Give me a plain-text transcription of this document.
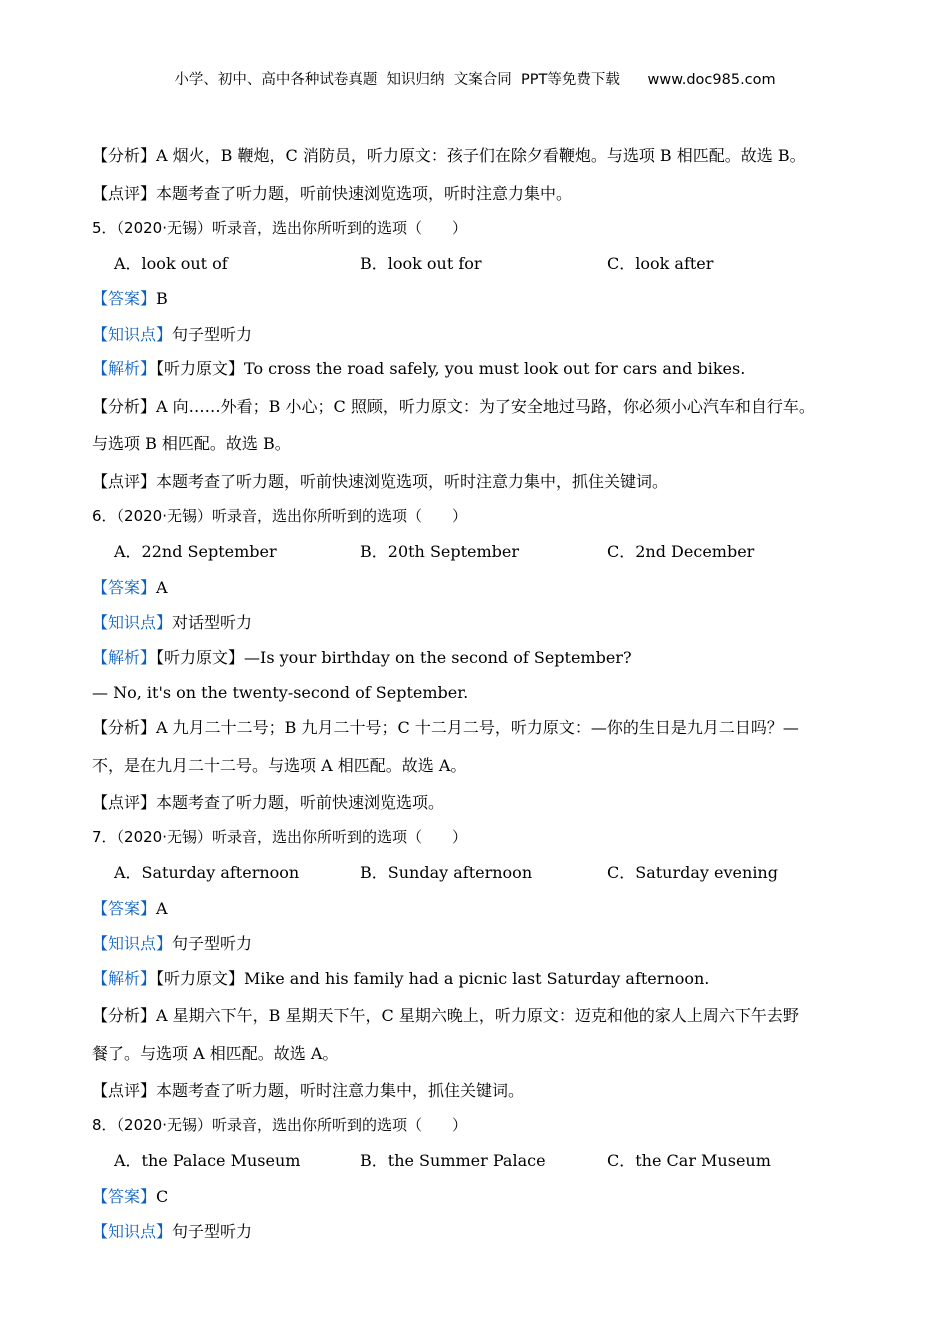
小学、初中、高中各种试卷真题  知识归纳  文案合同  PPT等免费下载      www.doc985.com
【分析】A 烟火，B 鞭炮，C 消防员，听力原文：孩子们在除夕看鞭炮。与选项 B 相匹配。故选 B。
【点评】本题考查了听力题，听前快速浏览选项，听时注意力集中。
5．（2020·无锡）听录音，选出你所听到的选项（　　）
A．look out of	B．look out for	C．look after
【答案】B
【知识点】句子型听力
【解析】【听力原文】To cross the road safely, you must look out for cars and bikes.
【分析】A 向……外看；B 小心；C 照顾，听力原文：为了安全地过马路，你必须小心汽车和自行车。
与选项 B 相匹配。故选 B。
【点评】本题考查了听力题，听前快速浏览选项，听时注意力集中，抓住关键词。
6．（2020·无锡）听录音，选出你所听到的选项（　　）
A．22nd September	B．20th September	C．2nd December
【答案】A
【知识点】对话型听力
【解析】【听力原文】—Is your birthday on the second of September?
— No, it's on the twenty-second of September.
【分析】A 九月二十二号；B 九月二十号；C 十二月二号，听力原文：—你的生日是九月二日吗？—
不，是在九月二十二号。与选项 A 相匹配。故选 A。
【点评】本题考查了听力题，听前快速浏览选项。
7．（2020·无锡）听录音，选出你所听到的选项（　　）
A．Saturday afternoon	B．Sunday afternoon	C．Saturday evening
【答案】A
【知识点】句子型听力
【解析】【听力原文】Mike and his family had a picnic last Saturday afternoon.
【分析】A 星期六下午，B 星期天下午，C 星期六晚上，听力原文：迈克和他的家人上周六下午去野
餐了。与选项 A 相匹配。故选 A。
【点评】本题考查了听力题，听时注意力集中，抓住关键词。
8．（2020·无锡）听录音，选出你所听到的选项（　　）
A．the Palace Museum	B．the Summer Palace	C．the Car Museum
【答案】C
【知识点】句子型听力
